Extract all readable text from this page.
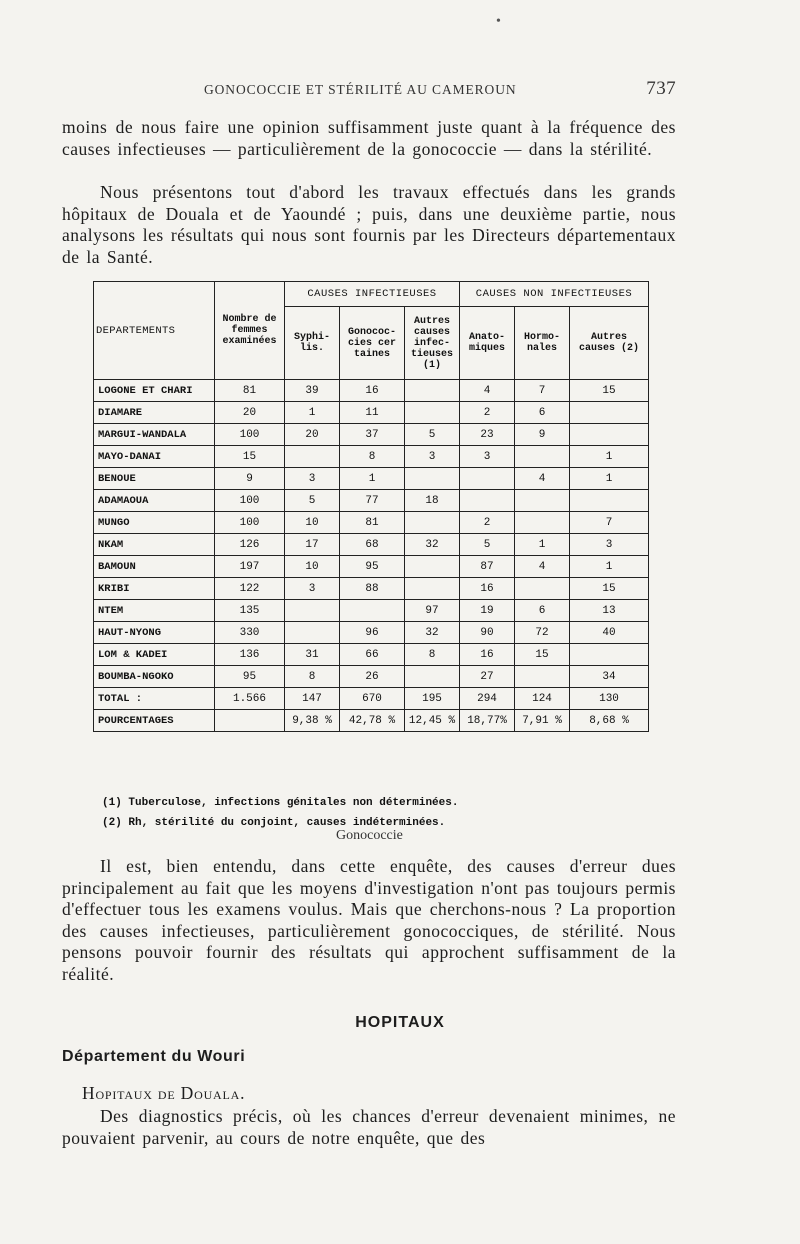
•
GONOCOCCIE ET STÉRILITÉ AU CAMEROUN	737

moins de nous faire une opinion suffisamment juste quant à la fréquence des causes infectieuses — particulièrement de la gonococcie — dans la stérilité.

Nous présentons tout d'abord les travaux effectués dans les grands hôpitaux de Douala et de Yaoundé ; puis, dans une deuxième partie, nous analysons les résultats qui nous sont fournis par les Directeurs départementaux de la Santé.

DEPARTEMENTS	Nombre de femmes examinées	CAUSES INFECTIEUSES			CAUSES NON INFECTIEUSES		
		Syphi-lis.	Gonococ-cies cer taines	Autres causes infec-tieuses (1)	Anato-miques	Hormo-nales	Autres causes (2)
LOGONE ET CHARI	81	39	16		4	7	15
DIAMARE	20	1	11		2	6	
MARGUI-WANDALA	100	20	37	5	23	9	
MAYO-DANAI	15		8	3	3		1
BENOUE	9	3	1			4	1
ADAMAOUA	100	5	77	18			
MUNGO	100	10	81		2		7
NKAM	126	17	68	32	5	1	3
BAMOUN	197	10	95		87	4	1
KRIBI	122	3	88		16		15
NTEM	135			97	19	6	13
HAUT-NYONG	330		96	32	90	72	40
LOM & KADEI	136	31	66	8	16	15	
BOUMBA-NGOKO	95	8	26		27		34
TOTAL :	1.566	147	670	195	294	124	130
POURCENTAGES		9,38 %	42,78 %	12,45 %	18,77%	7,91 %	8,68 %
(1) Tuberculose, infections génitales non déterminées.
(2) Rh, stérilité du conjoint, causes indéterminées.
Gonococcie

Il est, bien entendu, dans cette enquête, des causes d'erreur dues principalement au fait que les moyens d'investigation n'ont pas toujours permis d'effectuer tous les examens voulus. Mais que cherchons-nous ? La proportion des causes infectieuses, particulièrement gonococciques, de stérilité. Nous pensons pouvoir fournir des résultats qui approchent suffisamment de la réalité.

HOPITAUX
Département du Wouri
Hopitaux de Douala.

Des diagnostics précis, où les chances d'erreur devenaient minimes, ne pouvaient parvenir, au cours de notre enquête, que des
